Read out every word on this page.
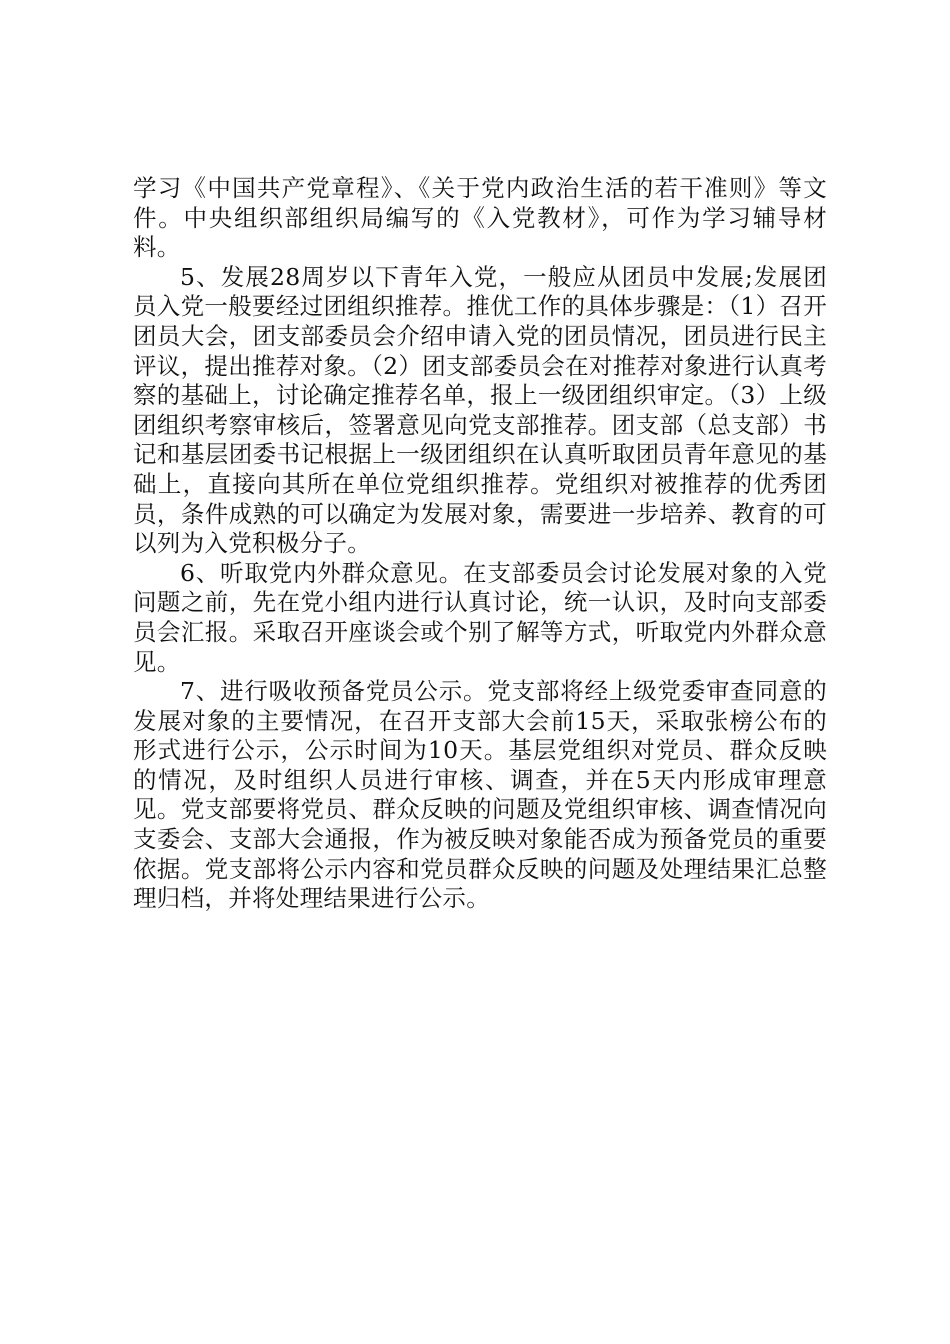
学习《中国共产党章程》、《关于党内政治生活的若干准则》等文件。中央组织部组织局编写的《入党教材》，可作为学习辅导材料。

5、发展28周岁以下青年入党，一般应从团员中发展;发展团员入党一般要经过团组织推荐。推优工作的具体步骤是：（1）召开团员大会，团支部委员会介绍申请入党的团员情况，团员进行民主评议，提出推荐对象。（2）团支部委员会在对推荐对象进行认真考察的基础上，讨论确定推荐名单，报上一级团组织审定。（3）上级团组织考察审核后，签署意见向党支部推荐。团支部（总支部）书记和基层团委书记根据上一级团组织在认真听取团员青年意见的基础上，直接向其所在单位党组织推荐。党组织对被推荐的优秀团员，条件成熟的可以确定为发展对象，需要进一步培养、教育的可以列为入党积极分子。

6、听取党内外群众意见。在支部委员会讨论发展对象的入党问题之前，先在党小组内进行认真讨论，统一认识，及时向支部委员会汇报。采取召开座谈会或个别了解等方式，听取党内外群众意见。

7、进行吸收预备党员公示。党支部将经上级党委审查同意的发展对象的主要情况，在召开支部大会前15天，采取张榜公布的形式进行公示，公示时间为10天。基层党组织对党员、群众反映的情况，及时组织人员进行审核、调查，并在5天内形成审理意见。党支部要将党员、群众反映的问题及党组织审核、调查情况向支委会、支部大会通报，作为被反映对象能否成为预备党员的重要依据。党支部将公示内容和党员群众反映的问题及处理结果汇总整理归档，并将处理结果进行公示。
